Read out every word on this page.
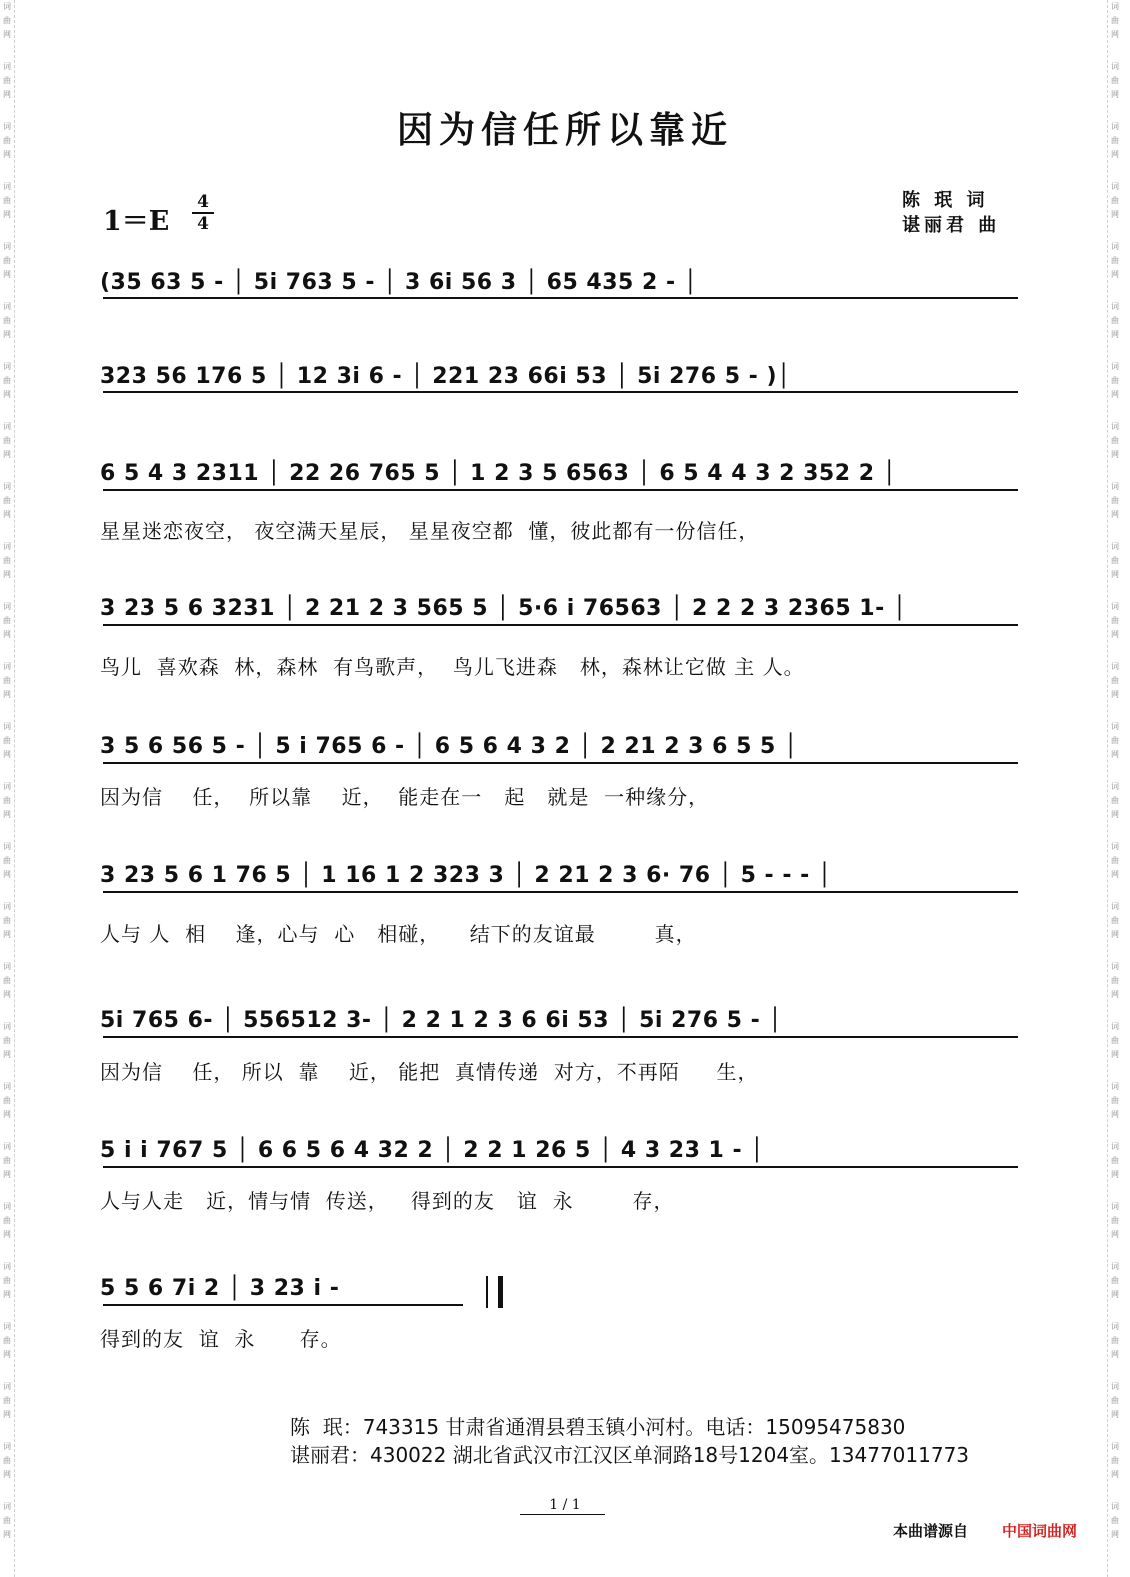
词
曲
网
词
曲
网
词
曲
网
词
曲
网
词
曲
网
词
曲
网
词
曲
网
词
曲
网
词
曲
网
词
曲
网
词
曲
网
词
曲
网
词
曲
网
词
曲
网
词
曲
网
词
曲
网
词
曲
网
词
曲
网
词
曲
网
词
曲
网
词
曲
网
词
曲
网
词
曲
网
词
曲
网
词
曲
网
词
曲
网
词
曲
网
词
曲
网
词
曲
网
词
曲
网
词
曲
网
词
曲
网
词
曲
网
词
曲
网
词
曲
网
词
曲
网
词
曲
网
词
曲
网
词
曲
网
词
曲
网
词
曲
网
词
曲
网
词
曲
网
词
曲
网
词
曲
网
词
曲
网
词
曲
网
词
曲
网
词
曲
网
词
曲
网
词
曲
网
词
曲
网
因为信任所以靠近
1＝E
4
4
陈 珉 词
谌丽君 曲
(35 63 5 - │ 5i 763 5 - │ 3 6i 56 3 │ 65 435 2 - │
323 56 176 5 │ 12 3i 6 - │ 221 23 66i 53 │ 5i 276 5 - )│
6 5 4 3 2311 │ 22 26 765 5 │ 1 2 3 5 6563 │ 6 5 4 4 3 2 352 2 │
星星迷恋夜空， 夜空满天星辰， 星星夜空都  懂，彼此都有一份信任，
3 23 5 6 3231 │ 2 21 2 3 565 5 │ 5·6 i 76563 │ 2 2 2 3 2365 1- │
鸟儿  喜欢森  林，森林  有鸟歌声，  鸟儿飞进森   林，森林让它做 主 人。
3 5 6 56 5 - │ 5 i 765 6 - │ 6 5 6 4 3 2 │ 2 21 2 3 6 5 5 │
因为信    任，  所以靠    近，  能走在一   起   就是  一种缘分，
3 23 5 6 1 76 5 │ 1 16 1 2 323 3 │ 2 21 2 3 6· 76 │ 5 - - - │
人与 人  相    逢，心与  心   相碰，    结下的友谊最        真，
5i 765 6- │ 556512 3- │ 2 2 1 2 3 6 6i 53 │ 5i 276 5 - │
因为信    任， 所以  靠    近， 能把  真情传递  对方，不再陌     生，
5 i i 767 5 │ 6 6 5 6 4 32 2 │ 2 2 1 26 5 │ 4 3 23 1 - │
人与人走   近，情与情  传送，   得到的友   谊  永        存，
5 5 6 7i 2 │ 3 23 i -
得到的友  谊  永      存。
陈  珉：743315 甘肃省通渭县碧玉镇小河村。电话：15095475830
谌丽君：430022 湖北省武汉市江汉区单洞路18号1204室。13477011773
1 / 1
本曲谱源自 中国词曲网
